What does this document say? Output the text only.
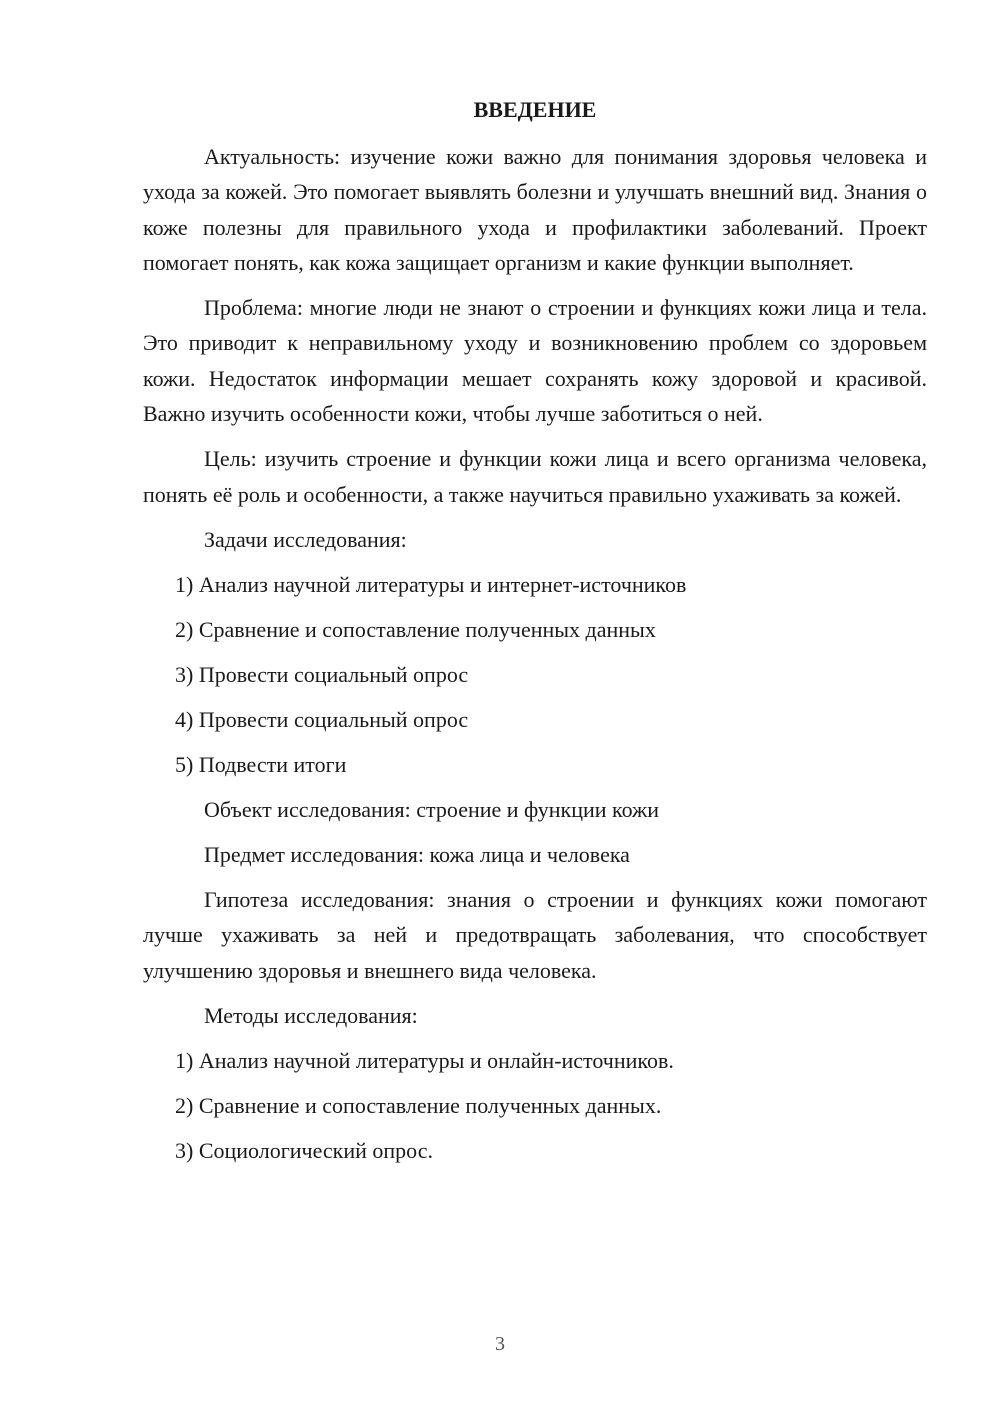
ВВЕДЕНИЕ

Актуальность: изучение кожи важно для понимания здоровья человека и ухода за кожей. Это помогает выявлять болезни и улучшать внешний вид. Знания о коже полезны для правильного ухода и профилактики заболеваний. Проект помогает понять, как кожа защищает организм и какие функции выполняет.

Проблема: многие люди не знают о строении и функциях кожи лица и тела. Это приводит к неправильному уходу и возникновению проблем со здоровьем кожи. Недостаток информации мешает сохранять кожу здоровой и красивой. Важно изучить особенности кожи, чтобы лучше заботиться о ней.

Цель: изучить строение и функции кожи лица и всего организма человека, понять её роль и особенности, а также научиться правильно ухаживать за кожей.

Задачи исследования:
1) Анализ научной литературы и интернет-источников
2) Сравнение и сопоставление полученных данных
3) Провести социальный опрос
4) Провести социальный опрос
5) Подвести итоги
Объект исследования: строение и функции кожи
Предмет исследования: кожа лица и человека

Гипотеза исследования: знания о строении и функциях кожи помогают лучше ухаживать за ней и предотвращать заболевания, что способствует улучшению здоровья и внешнего вида человека.

Методы исследования:
1) Анализ научной литературы и онлайн-источников.
2) Сравнение и сопоставление полученных данных.
3) Социологический опрос.
3
